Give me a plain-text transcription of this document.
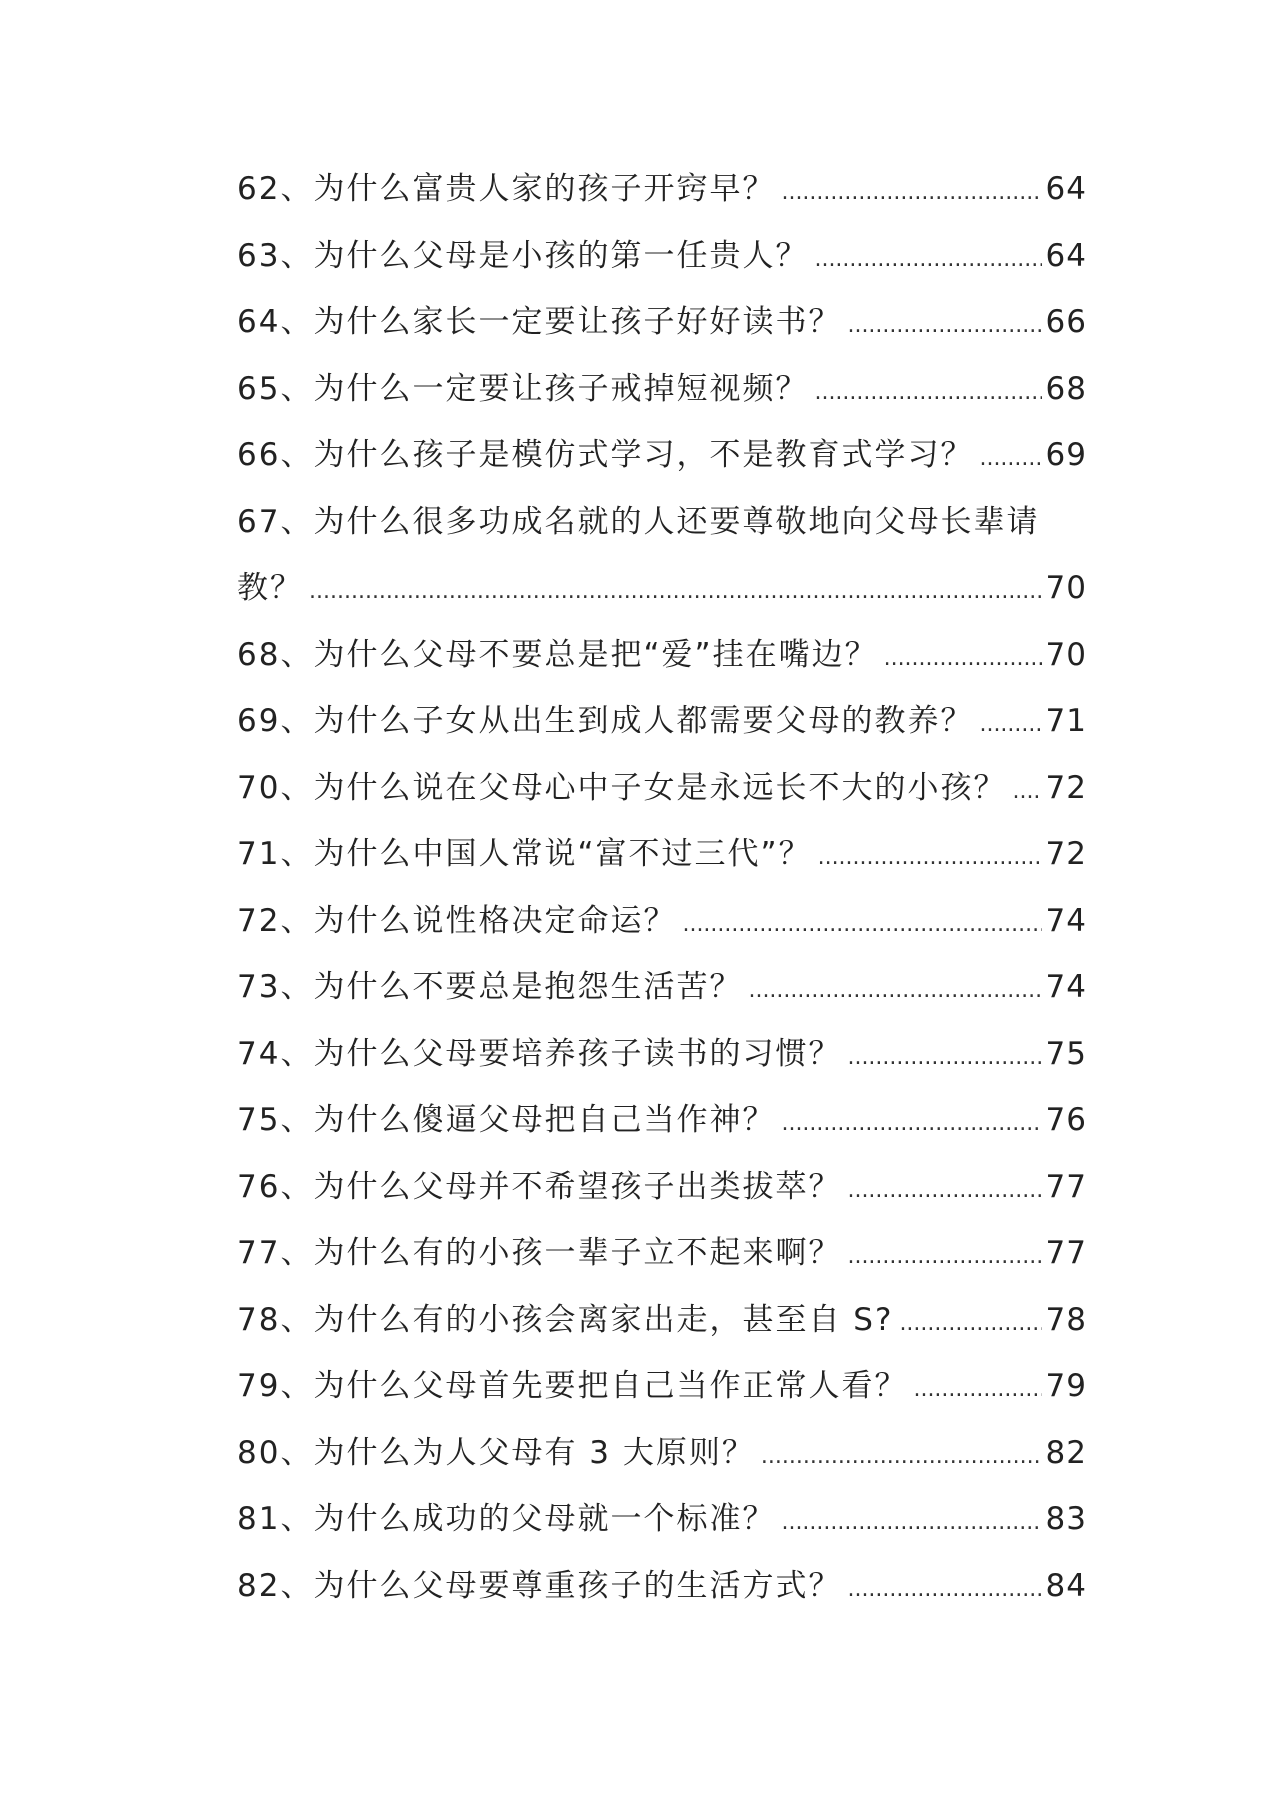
62、 为什么富贵人家的孩子开窍早？ .....	64
63、 为什么父母是小孩的第一任贵人？ .....	64
64、 为什么家长一定要让孩子好好读书？ .....	66
65、 为什么一定要让孩子戒掉短视频？ .....	68
66、 为什么孩子是模仿式学习，不是教育式学习？ ..... 69
67、 为什么很多功成名就的人还要尊敬地向父母长辈请
教？ .....	70
68、 为什么父母不要总是把“爱”挂在嘴边？ .....	70
69、 为什么子女从出生到成人都需要父母的教养？ ..... 71
70、 为什么说在父母心中子女是永远长不大的小孩？ ..... 72
71、 为什么中国人常说“富不过三代”？ .....	72
72、 为什么说性格决定命运？ .....	74
73、 为什么不要总是抱怨生活苦？ .....	74
74、 为什么父母要培养孩子读书的习惯？ .....	75
75、 为什么傻逼父母把自己当作神？ .....	76
76、 为什么父母并不希望孩子出类拔萃？ .....	77
77、 为什么有的小孩一辈子立不起来啊？ .....	77
78、 为什么有的小孩会离家出走，甚至自 S? .....	78
79、 为什么父母首先要把自己当作正常人看？ .....	79
80、 为什么为人父母有 3 大原则？ .....	82
81、 为什么成功的父母就一个标准？ .....	83
82、 为什么父母要尊重孩子的生活方式？ .....	84
